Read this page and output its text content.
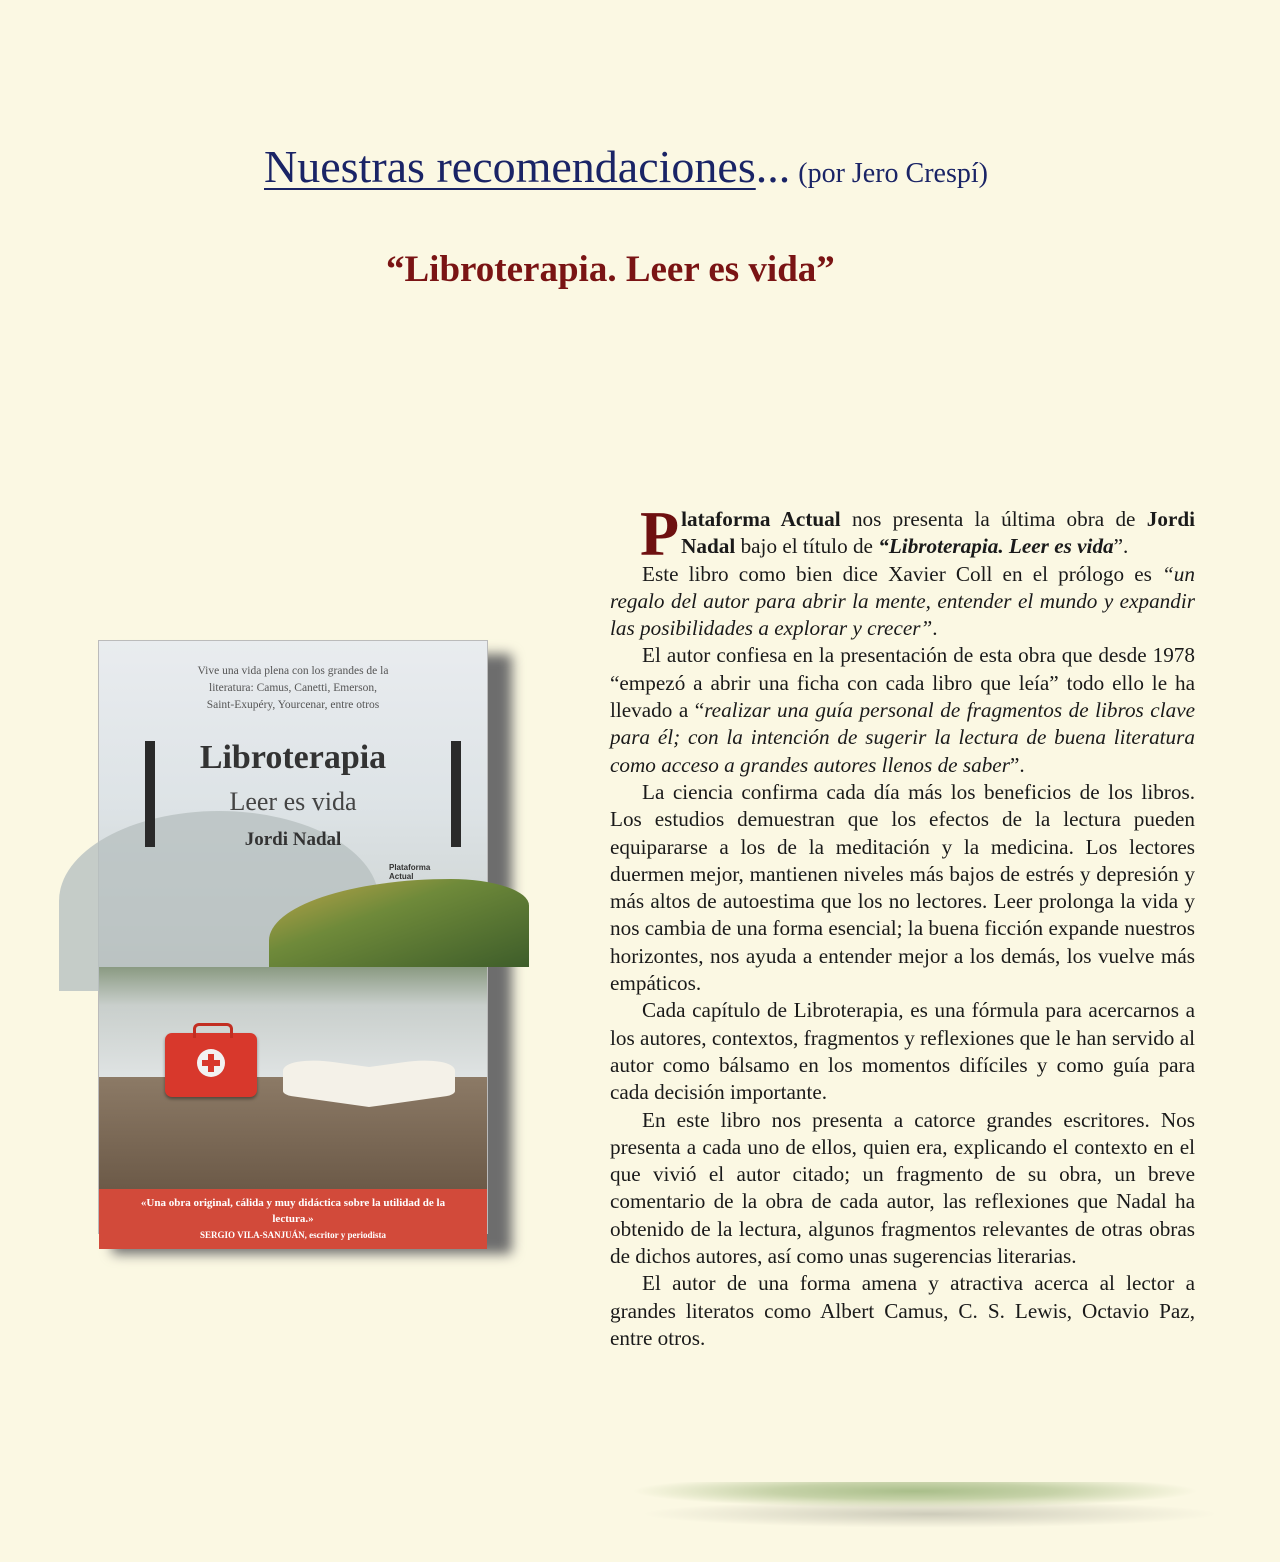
Nuestras recomendaciones... (por Jero Crespí)
“Libroterapia. Leer es vida”
Vive una vida plena con los grandes de la literatura: Camus, Canetti, Emerson, Saint-Exupéry, Yourcenar, entre otros
Libroterapia
Leer es vida
Jordi Nadal
Plataforma Actual
«Una obra original, cálida y muy didáctica sobre la utilidad de la lectura.»
SERGIO VILA-SANJUÁN, escritor y periodista

Plataforma Actual nos presenta la última obra de Jordi Nadal bajo el título de “Libroterapia. Leer es vida”.

Este libro como bien dice Xavier Coll en el prólogo es “un regalo del autor para abrir la mente, entender el mundo y expandir las posibilidades a explorar y crecer”.

El autor confiesa en la presentación de esta obra que desde 1978 “empezó a abrir una ficha con cada libro que leía” todo ello le ha llevado a “realizar una guía personal de fragmentos de libros clave para él; con la intención de sugerir la lectura de buena literatura como acceso a grandes autores llenos de saber”.

La ciencia confirma cada día más los beneficios de los libros. Los estudios demuestran que los efectos de la lectura pueden equipararse a los de la meditación y la medicina. Los lectores duermen mejor, mantienen niveles más bajos de estrés y depresión y más altos de autoestima que los no lectores. Leer prolonga la vida y nos cambia de una forma esencial; la buena ficción expande nuestros horizontes, nos ayuda a entender mejor a los demás, los vuelve más empáticos.

Cada capítulo de Libroterapia, es una fórmula para acercarnos a los autores, contextos, fragmentos y reflexiones que le han servido al autor como bálsamo en los momentos difíciles y como guía para cada decisión importante.

En este libro nos presenta a catorce grandes escritores. Nos presenta a cada uno de ellos, quien era, explicando el contexto en el que vivió el autor citado; un fragmento de su obra, un breve comentario de la obra de cada autor, las reflexiones que Nadal ha obtenido de la lectura, algunos fragmentos relevantes de otras obras de dichos autores, así como unas sugerencias literarias.

El autor de una forma amena y atractiva acerca al lector a grandes literatos como Albert Camus, C. S. Lewis, Octavio Paz, entre otros.
